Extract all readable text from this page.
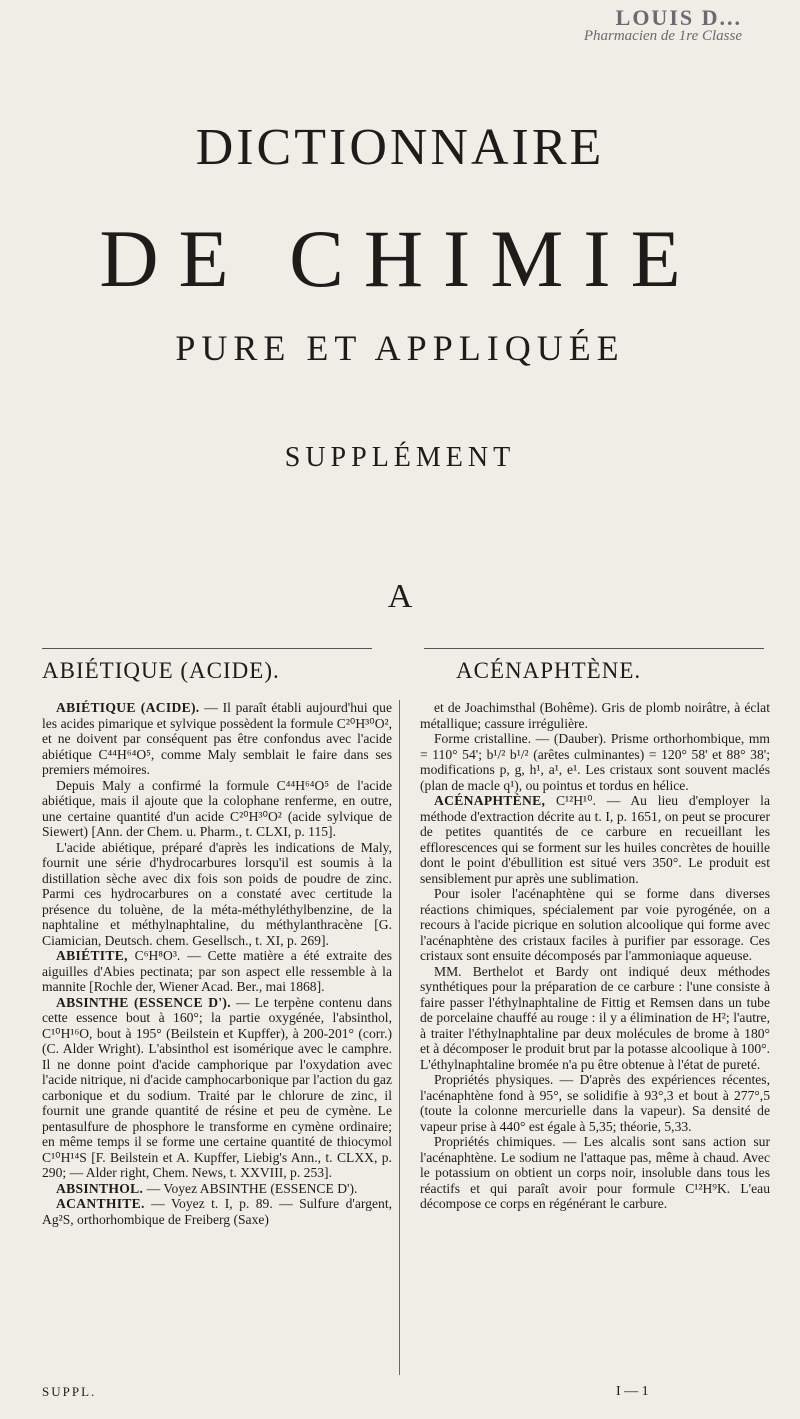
LOUIS D...
Pharmacien de 1re Classe
DICTIONNAIRE
DE CHIMIE
PURE ET APPLIQUÉE
SUPPLÉMENT
A
ABIÉTIQUE (ACIDE).	ACÉNAPHTÈNE.

ABIÉTIQUE (ACIDE). — Il paraît établi aujourd'hui que les acides pimarique et sylvique possèdent la formule C²⁰H³⁰O², et ne doivent par conséquent pas être confondus avec l'acide abiétique C⁴⁴H⁶⁴O⁵, comme Maly semblait le faire dans ses premiers mémoires.

Depuis Maly a confirmé la formule C⁴⁴H⁶⁴O⁵ de l'acide abiétique, mais il ajoute que la colophane renferme, en outre, une certaine quantité d'un acide C²⁰H³⁰O² (acide sylvique de Siewert) [Ann. der Chem. u. Pharm., t. CLXI, p. 115].

L'acide abiétique, préparé d'après les indications de Maly, fournit une série d'hydrocarbures lorsqu'il est soumis à la distillation sèche avec dix fois son poids de poudre de zinc. Parmi ces hydrocarbures on a constaté avec certitude la présence du toluène, de la méta-méthyléthylbenzine, de la naphtaline et méthylnaphtaline, du méthylanthracène [G. Ciamician, Deutsch. chem. Gesellsch., t. XI, p. 269].

ABIÉTITE, C⁶H⁸O³. — Cette matière a été extraite des aiguilles d'Abies pectinata; par son aspect elle ressemble à la mannite [Rochle der, Wiener Acad. Ber., mai 1868].

ABSINTHE (ESSENCE D'). — Le terpène contenu dans cette essence bout à 160°; la partie oxygénée, l'absinthol, C¹⁰H¹⁶O, bout à 195° (Beilstein et Kupffer), à 200-201° (corr.) (C. Alder Wright). L'absinthol est isomérique avec le camphre. Il ne donne point d'acide camphorique par l'oxydation avec l'acide nitrique, ni d'acide camphocarbonique par l'action du gaz carbonique et du sodium. Traité par le chlorure de zinc, il fournit une grande quantité de résine et peu de cymène. Le pentasulfure de phosphore le transforme en cymène ordinaire; en même temps il se forme une certaine quantité de thiocymol C¹⁰H¹⁴S [F. Beilstein et A. Kupffer, Liebig's Ann., t. CLXX, p. 290; — Alder right, Chem. News, t. XXVIII, p. 253].

ABSINTHOL. — Voyez ABSINTHE (ESSENCE D').

ACANTHITE. — Voyez t. I, p. 89. — Sulfure d'argent, Ag²S, orthorhombique de Freiberg (Saxe)

et de Joachimsthal (Bohême). Gris de plomb noirâtre, à éclat métallique; cassure irrégulière.

Forme cristalline. — (Dauber). Prisme orthorhombique, mm = 110° 54'; b¹/² b¹/² (arêtes culminantes) = 120° 58' et 88° 38'; modifications p, g, h¹, a¹, e¹. Les cristaux sont souvent maclés (plan de macle q¹), ou pointus et tordus en hélice.

ACÉNAPHTÈNE, C¹²H¹⁰. — Au lieu d'employer la méthode d'extraction décrite au t. I, p. 1651, on peut se procurer de petites quantités de ce carbure en recueillant les efflorescences qui se forment sur les huiles concrètes de houille dont le point d'ébullition est situé vers 350°. Le produit est sensiblement pur après une sublimation.

Pour isoler l'acénaphtène qui se forme dans diverses réactions chimiques, spécialement par voie pyrogénée, on a recours à l'acide picrique en solution alcoolique qui forme avec l'acénaphtène des cristaux faciles à purifier par essorage. Ces cristaux sont ensuite décomposés par l'ammoniaque aqueuse.

MM. Berthelot et Bardy ont indiqué deux méthodes synthétiques pour la préparation de ce carbure : l'une consiste à faire passer l'éthylnaphtaline de Fittig et Remsen dans un tube de porcelaine chauffé au rouge : il y a élimination de H²; l'autre, à traiter l'éthylnaphtaline par deux molécules de brome à 180° et à décomposer le produit brut par la potasse alcoolique à 100°. L'éthylnaphtaline bromée n'a pu être obtenue à l'état de pureté.

Propriétés physiques. — D'après des expériences récentes, l'acénaphtène fond à 95°, se solidifie à 93°,3 et bout à 277°,5 (toute la colonne mercurielle dans la vapeur). Sa densité de vapeur prise à 440° est égale à 5,35; théorie, 5,33.

Propriétés chimiques. — Les alcalis sont sans action sur l'acénaphtène. Le sodium ne l'attaque pas, même à chaud. Avec le potassium on obtient un corps noir, insoluble dans tous les réactifs et qui paraît avoir pour formule C¹²H⁹K. L'eau décompose ce corps en régénérant le carbure.

SUPPL.	I — 1
